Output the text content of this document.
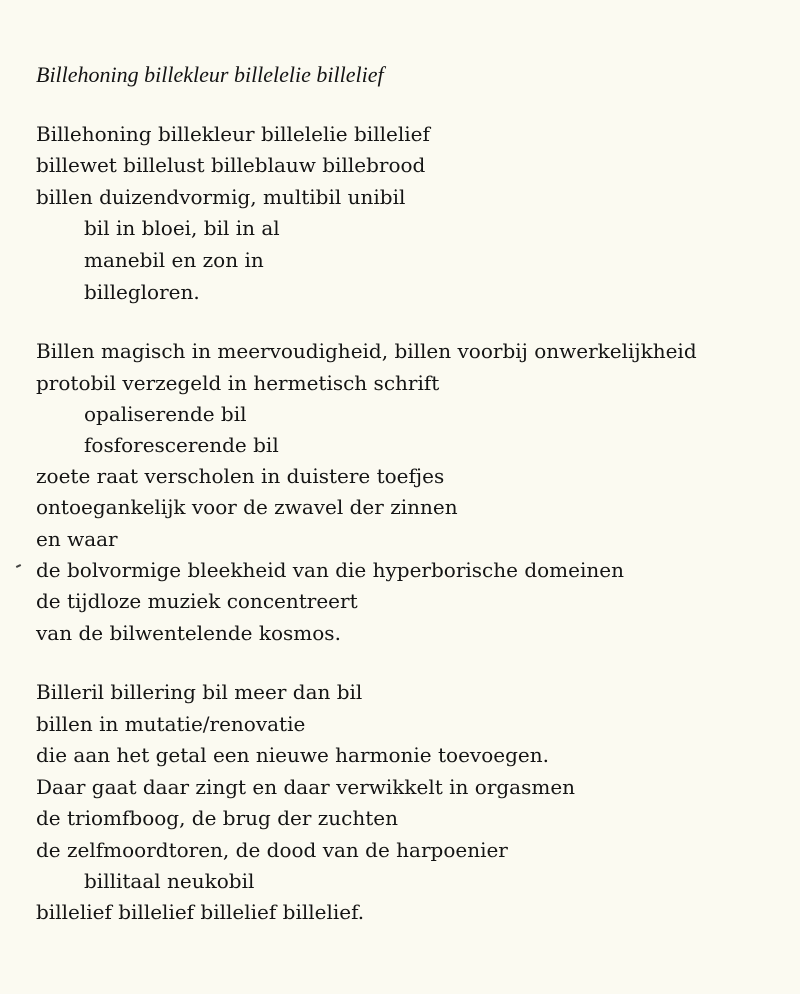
Billehoning billekleur billelelie billelief
Billehoning billekleur billelelie billelief
billewet billelust billeblauw billebrood
billen duizendvormig, multibil unibil
bil in bloei, bil in al
manebil en zon in
billegloren.
Billen magisch in meervoudigheid, billen voorbij onwerkelijkheid
protobil verzegeld in hermetisch schrift
opaliserende bil
fosforescerende bil
zoete raat verscholen in duistere toefjes
ontoegankelijk voor de zwavel der zinnen
en waar
de bolvormige bleekheid van die hyperborische domeinen
de tijdloze muziek concentreert
van de bilwentelende kosmos.
Billeril billering bil meer dan bil
billen in mutatie/renovatie
die aan het getal een nieuwe harmonie toevoegen.
Daar gaat daar zingt en daar verwikkelt in orgasmen
de triomfboog, de brug der zuchten
de zelfmoordtoren, de dood van de harpoenier
billitaal neukobil
billelief billelief billelief billelief.
